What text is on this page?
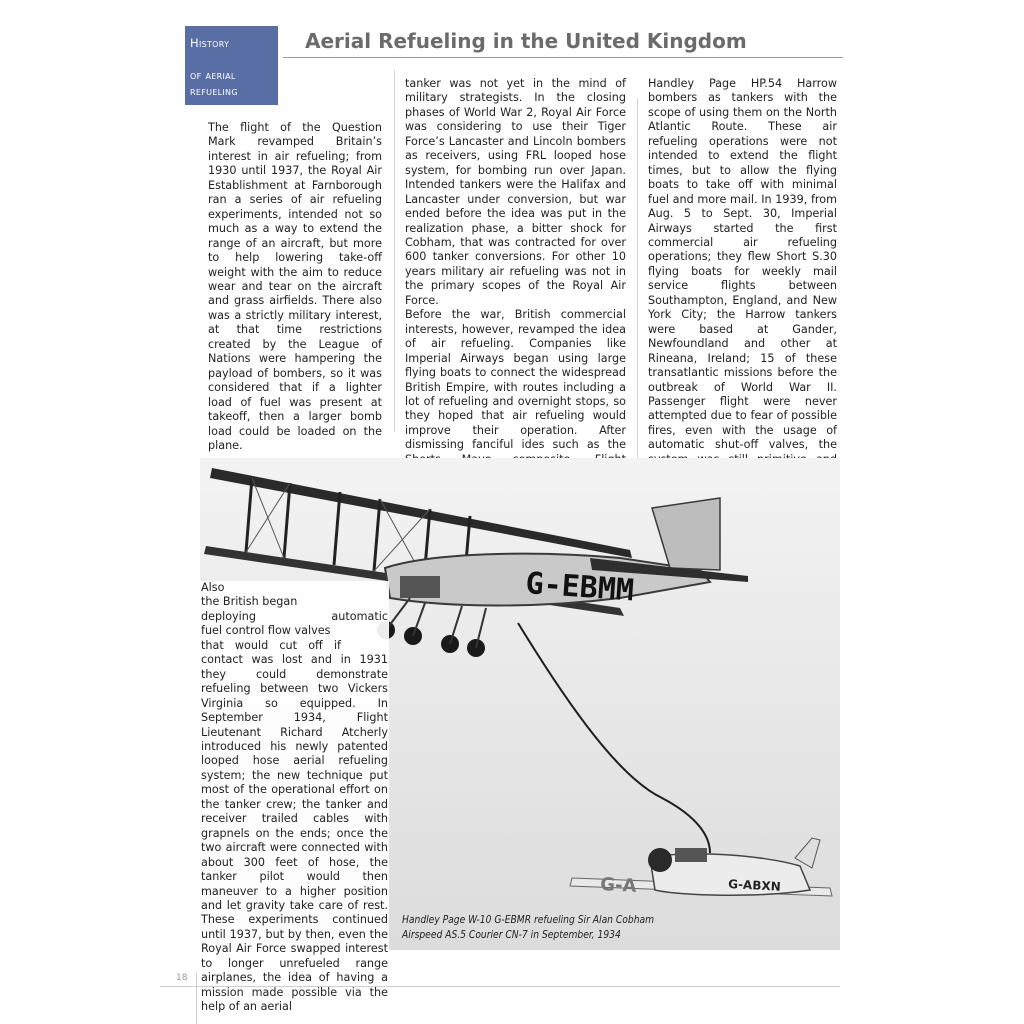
History
of aerial
refueling
Aerial Refueling in the United Kingdom

The flight of the Question Mark revamped Britain’s interest in air refueling; from 1930 until 1937, the Royal Air Establishment at Farnborough ran a series of air refueling experiments, intended not so much as a way to extend the range of an aircraft, but more to help lowering take-off weight with the aim to reduce wear and tear on the aircraft and grass airfields. There also was a strictly military interest, at that time restrictions created by the League of Nations were hampering the payload of bombers, so it was considered that if a lighter load of fuel was present at takeoff, then a larger bomb load could be loaded on the plane.

tanker was not yet in the mind of military strategists. In the closing phases of World War 2, Royal Air Force was considering to use their Tiger Force’s Lancaster and Lincoln bombers as receivers, using FRL looped hose system, for bombing run over Japan. Intended tankers were the Halifax and Lancaster under conversion, but war ended before the idea was put in the realization phase, a bitter shock for Cobham, that was contracted for over 600 tanker conversions. For other 10 years military air refueling was not in the primary scopes of the Royal Air Force.

Before the war, British commercial interests, however, revamped the idea of air refueling. Companies like Imperial Airways began using large flying boats to connect the widespread British Empire, with routes including a lot of refueling and overnight stops, so they hoped that air refueling would improve their operation. After dismissing fanciful ides such as the

Handley Page HP.54 Harrow bombers as tankers with the scope of using them on the North Atlantic Route. These air refueling operations were not intended to extend the flight times, but to allow the flying boats to take off with minimal fuel and more mail. In 1939, from Aug. 5 to Sept. 30, Imperial Airways started the first commercial air refueling operations; they flew Short S.30 flying boats for weekly mail service flights between Southampton, England, and New York City; the Harrow tankers were based at Gander, Newfoundland and other at Rineana, Ireland; 15 of these transatlantic missions before the outbreak of World War II. Passenger flight were never attempted due to fear of possible fires, even with the usage of automatic shut-off valves, the

G-EBMM
G-ABXN
G-A
Also
the British began
deploying automatic
fuel control flow valves
that would cut off if
contact was lost and in 1931 they could demonstrate refueling between two Vickers Virginia so equipped. In September 1934, Flight Lieutenant Richard Atcherly introduced his newly patented looped hose aerial refueling system; the new technique put most of the operational effort on the tanker crew; the tanker and receiver trailed cables with grapnels on the ends; once the two aircraft were connected with about 300 feet of hose, the tanker pilot would then maneuver to a higher position and let gravity take care of rest. These experiments continued until 1937, but by then, even the Royal Air Force swapped interest to longer unrefueled range airplanes, the idea of having a mission made possible via the help of an aerial
Handley Page W-10 G-EBMR refueling Sir Alan Cobham
Airspeed AS.5 Courier CN-7 in September, 1934
18
